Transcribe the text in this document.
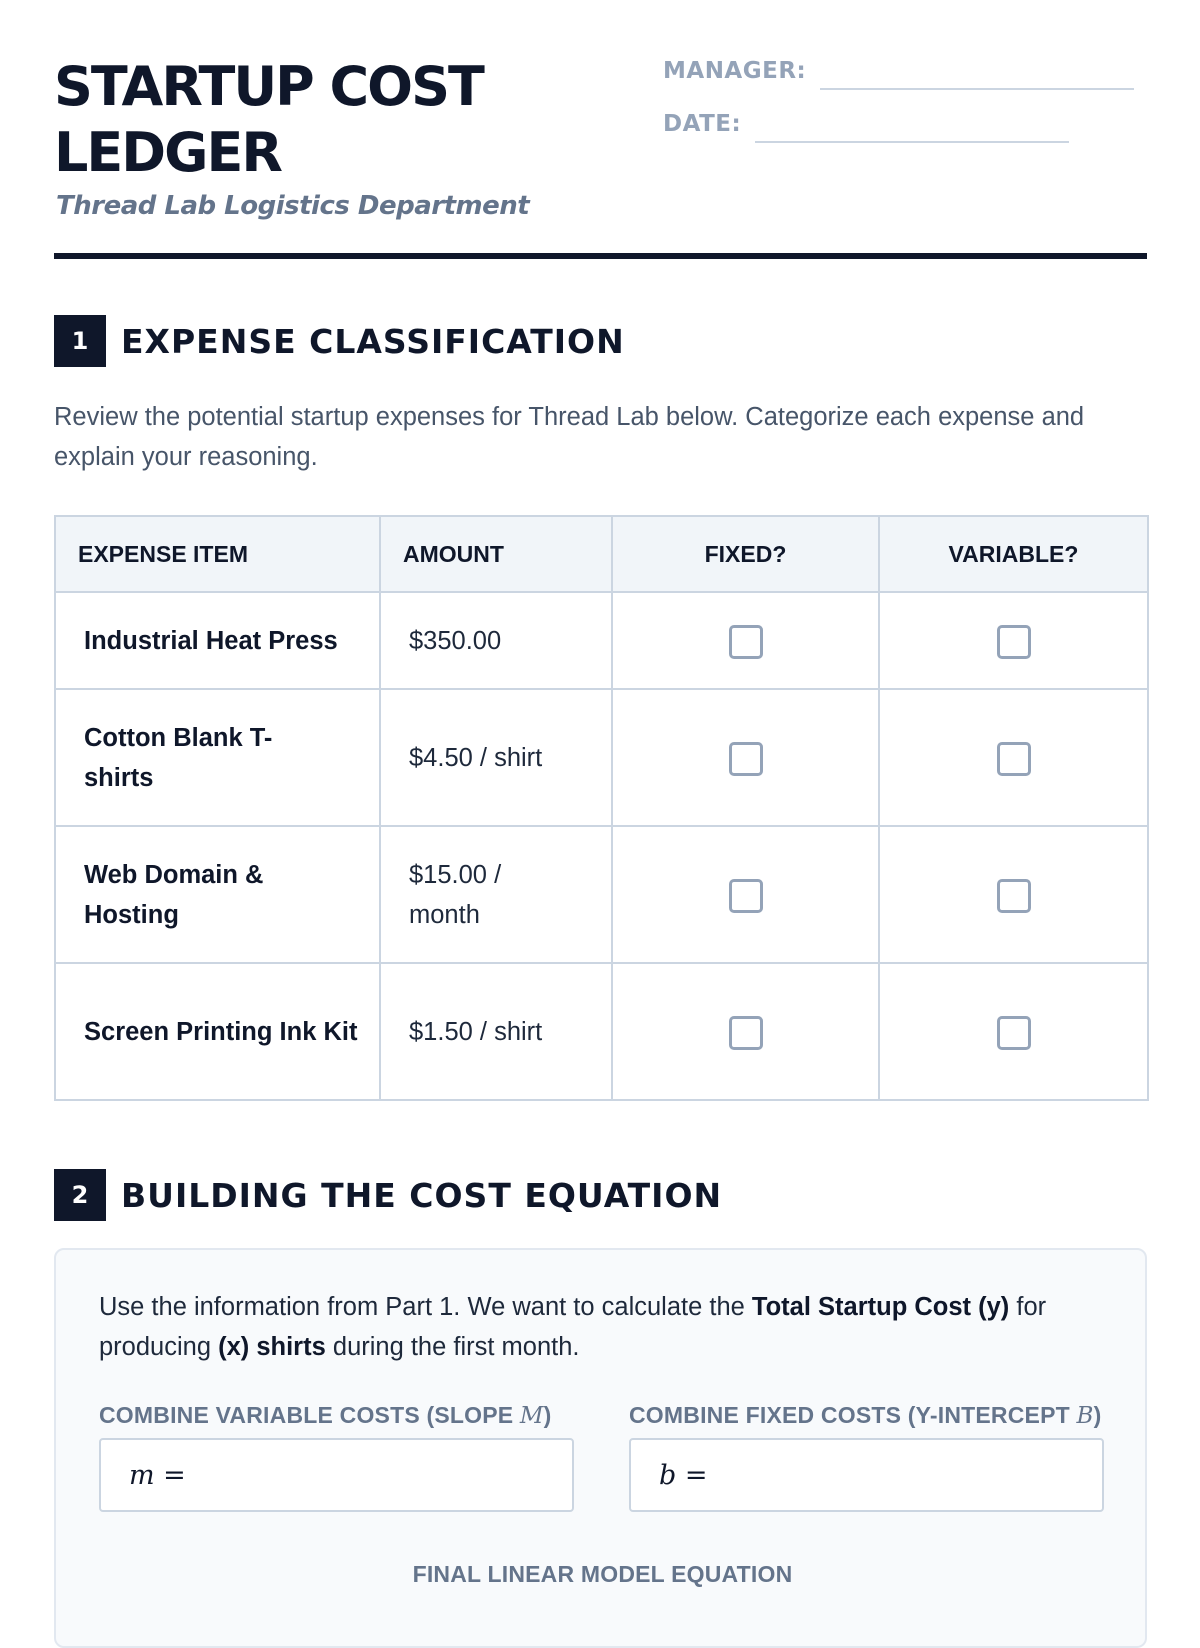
STARTUP COST
LEDGER
Thread Lab Logistics Department
MANAGER:
DATE:
1 EXPENSE CLASSIFICATION
Review the potential startup expenses for Thread Lab below. Categorize each expense and explain your reasoning.
EXPENSE ITEM	AMOUNT	FIXED?	VARIABLE?
Industrial Heat Press	$350.00		
Cotton Blank T-shirts	$4.50 / shirt		
Web Domain & Hosting	$15.00 / month		
Screen Printing Ink Kit	$1.50 / shirt		
2 BUILDING THE COST EQUATION
Use the information from Part 1. We want to calculate the Total Startup Cost (y) for producing (x) shirts during the first month.
COMBINE VARIABLE COSTS (SLOPE M)
m =
COMBINE FIXED COSTS (Y-INTERCEPT B)
b =
FINAL LINEAR MODEL EQUATION
